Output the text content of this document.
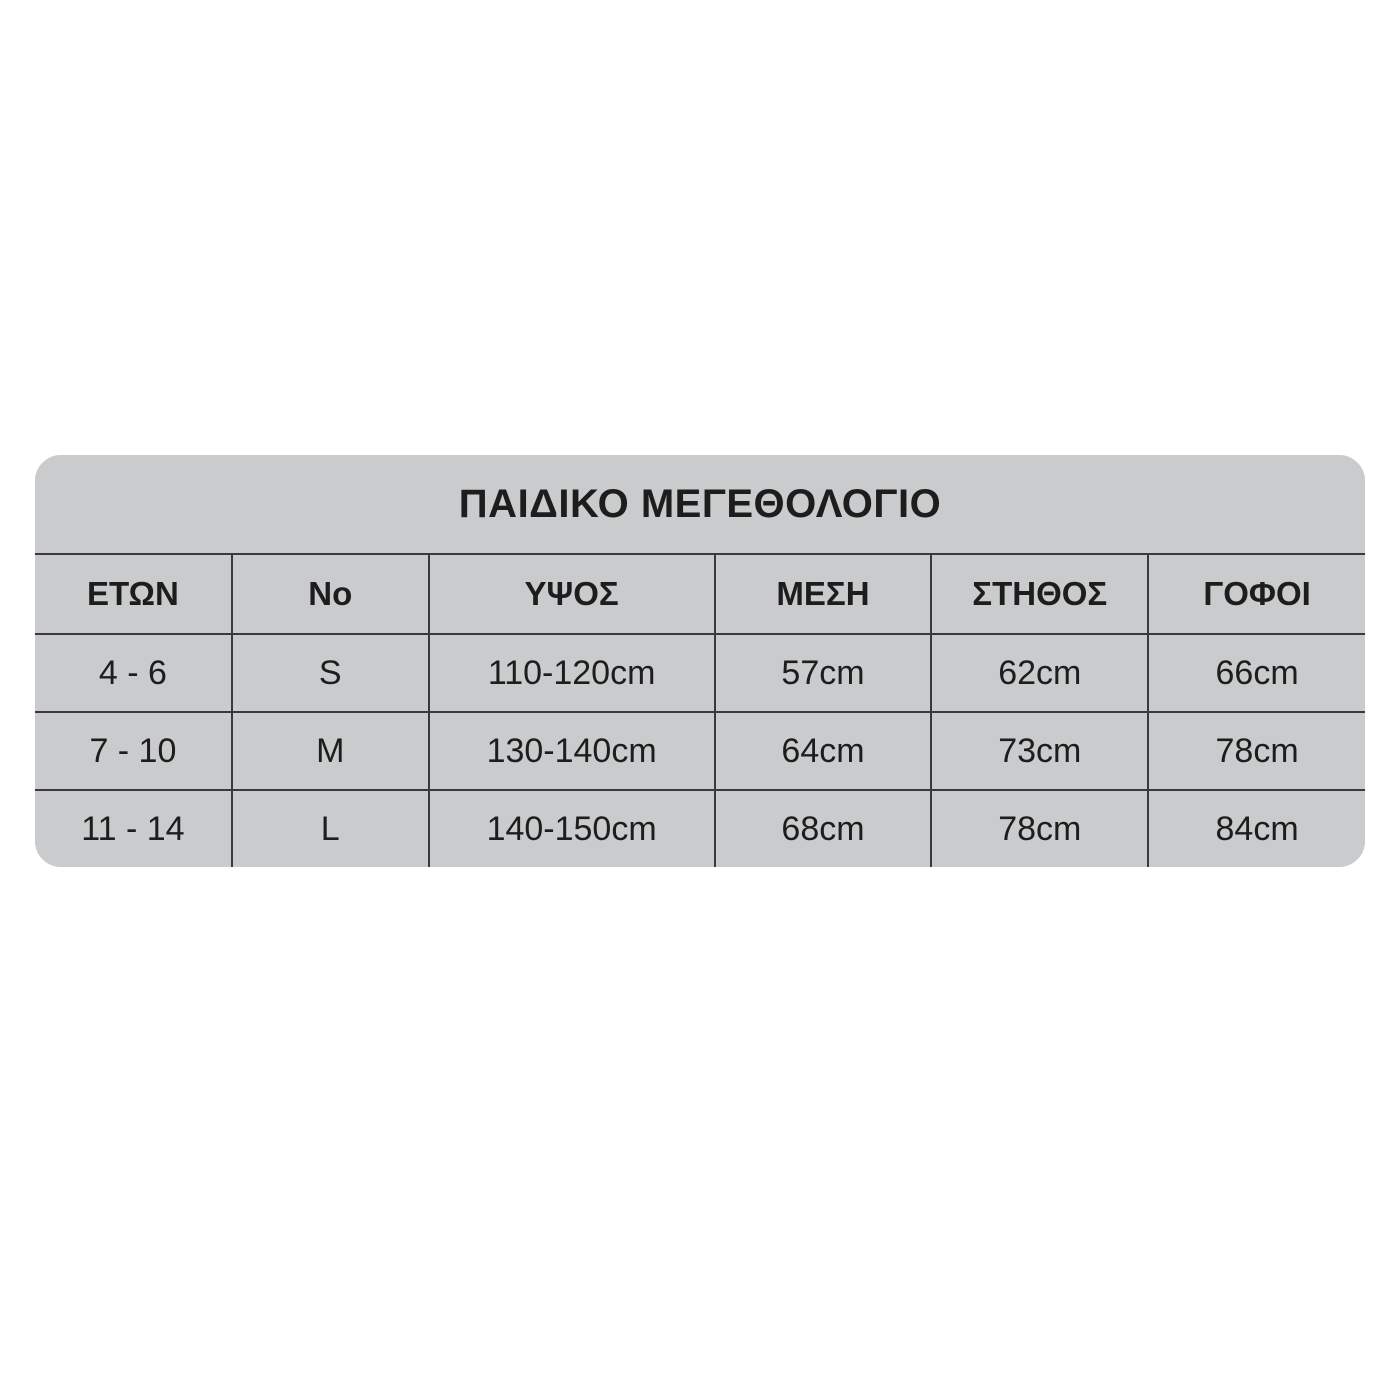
ΠΑΙΔΙΚΟ ΜΕΓΕΘΟΛΟΓΙΟ					
ΕΤΩΝ	No	ΥΨΟΣ	ΜΕΣΗ	ΣΤΗΘΟΣ	ΓΟΦΟΙ
4 - 6	S	110-120cm	57cm	62cm	66cm
7 - 10	M	130-140cm	64cm	73cm	78cm
11 - 14	L	140-150cm	68cm	78cm	84cm
